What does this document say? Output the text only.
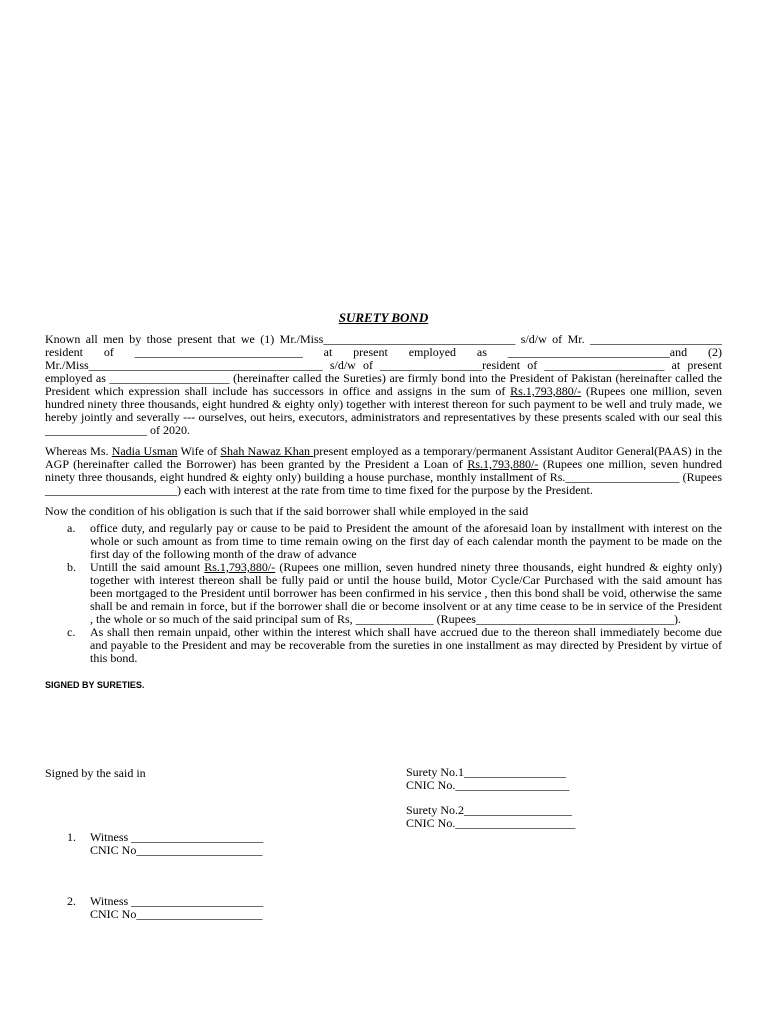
SURETY BOND

Known all men by those present that we (1) Mr./Miss________________________________ s/d/w of Mr. ______________________ resident of ____________________________ at present employed as ___________________________and (2) Mr./Miss_______________________________________ s/d/w of _________________resident of ____________________ at present employed as ____________________ (hereinafter called the Sureties) are firmly bond into the President of Pakistan (hereinafter called the President which expression shall include has successors in office and assigns in the sum of Rs.1,793,880/- (Rupees one million, seven hundred ninety three thousands, eight hundred & eighty only) together with interest thereon for such payment to be well and truly made, we hereby jointly and severally --- ourselves, out heirs, executors, administrators and representatives by these presents scaled with our seal this _________________ of 2020.

Whereas Ms. Nadia Usman Wife of Shah Nawaz Khan present employed as a temporary/permanent Assistant Auditor General(PAAS) in the AGP (hereinafter called the Borrower) has been granted by the President a Loan of Rs.1,793,880/- (Rupees one million, seven hundred ninety three thousands, eight hundred & eighty only) building a house purchase, monthly installment of Rs.___________________ (Rupees ______________________) each with interest at the rate from time to time fixed for the purpose by the President.

Now the condition of his obligation is such that if the said borrower shall while employed in the said

a. office duty, and regularly pay or cause to be paid to President the amount of the aforesaid loan by installment with interest on the whole or such amount as from time to time remain owing on the first day of each calendar month the payment to be made on the first day of the following month of the draw of advance
b. Untill the said amount Rs.1,793,880/- (Rupees one million, seven hundred ninety three thousands, eight hundred & eighty only) together with interest thereon shall be fully paid or until the house build, Motor Cycle/Car Purchased with the said amount has been mortgaged to the President until borrower has been confirmed in his service , then this bond shall be void, otherwise the same shall be and remain in force, but if the borrower shall die or become insolvent or at any time cease to be in service of the President , the whole or so much of the said principal sum of Rs, _____________ (Rupees_________________________________).
c. As shall then remain unpaid, other within the interest which shall have accrued due to the thereon shall immediately become due and payable to the President and may be recoverable from the sureties in one installment as may directed by President by virtue of this bond.
SIGNED BY SURETIES.
Signed by the said in	Surety No.1_________________
CNIC No.___________________
Surety No.2__________________
CNIC No.____________________
1. Witness ______________________
CNIC No_____________________
2. Witness ______________________
CNIC No_____________________
